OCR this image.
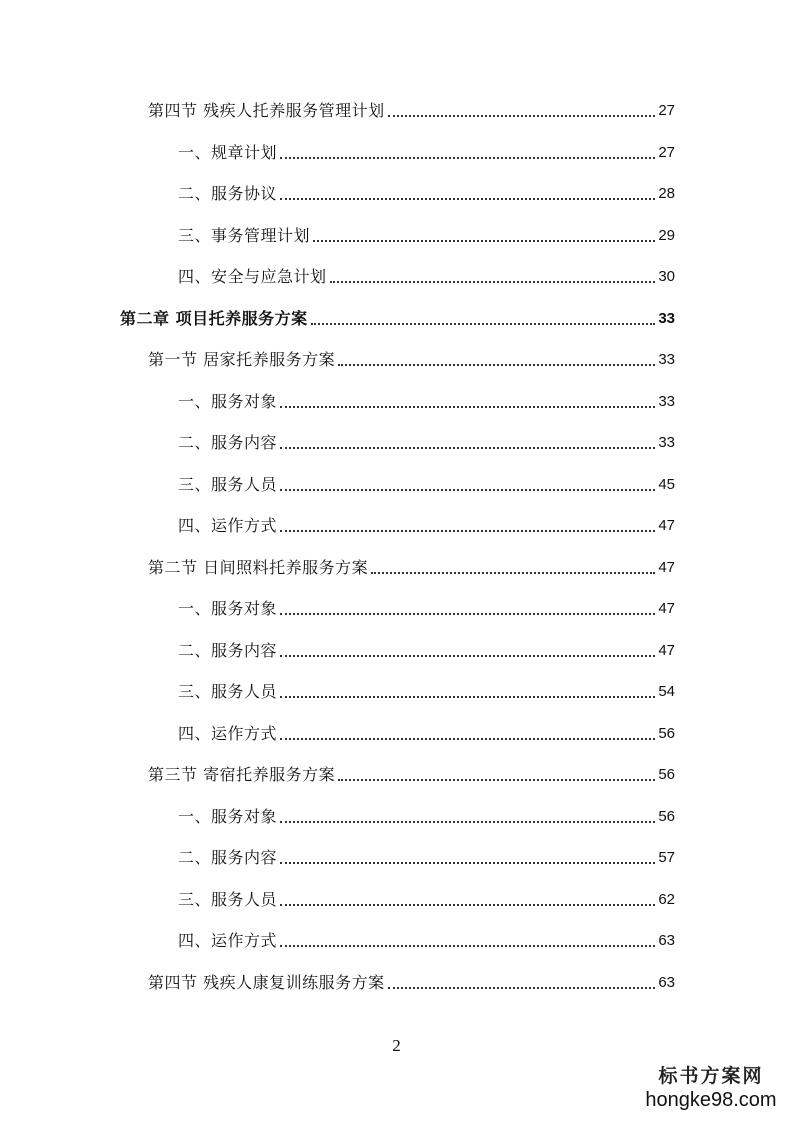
第四节 残疾人托养服务管理计划	27
一、规章计划	27
二、服务协议	28
三、事务管理计划	29
四、安全与应急计划	30
第二章 项目托养服务方案	33
第一节 居家托养服务方案	33
一、服务对象	33
二、服务内容	33
三、服务人员	45
四、运作方式	47
第二节 日间照料托养服务方案	47
一、服务对象	47
二、服务内容	47
三、服务人员	54
四、运作方式	56
第三节 寄宿托养服务方案	56
一、服务对象	56
二、服务内容	57
三、服务人员	62
四、运作方式	63
第四节 残疾人康复训练服务方案	63
2
标书方案网
hongke98.com
